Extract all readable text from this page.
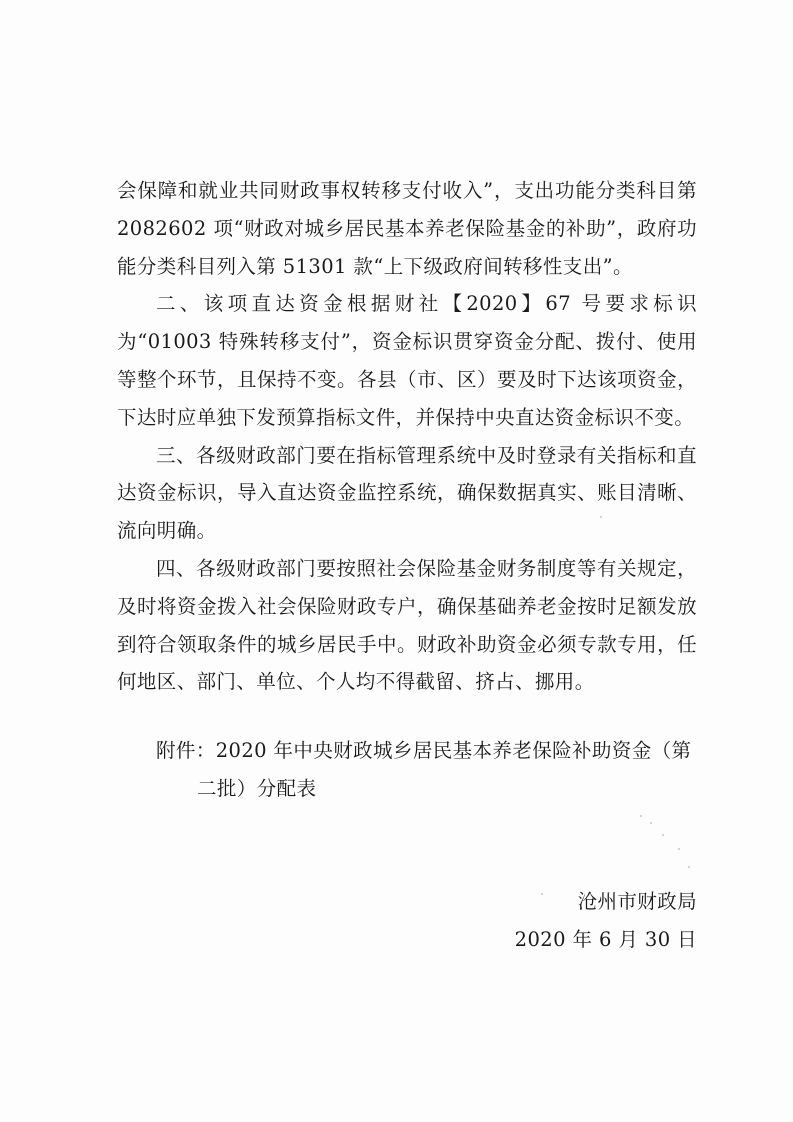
会保障和就业共同财政事权转移支付收入”，支出功能分类科目第 2082602 项“财政对城乡居民基本养老保险基金的补助”，政府功能分类科目列入第 51301 款“上下级政府间转移性支出”。

二、该项直达资金根据财社【2020】67 号要求标识为“01003 特殊转移支付”，资金标识贯穿资金分配、拨付、使用等整个环节，且保持不变。各县（市、区）要及时下达该项资金，下达时应单独下发预算指标文件，并保持中央直达资金标识不变。

三、各级财政部门要在指标管理系统中及时登录有关指标和直达资金标识，导入直达资金监控系统，确保数据真实、账目清晰、流向明确。

四、各级财政部门要按照社会保险基金财务制度等有关规定，及时将资金拨入社会保险财政专户，确保基础养老金按时足额发放到符合领取条件的城乡居民手中。财政补助资金必须专款专用，任何地区、部门、单位、个人均不得截留、挤占、挪用。

附件：2020 年中央财政城乡居民基本养老保险补助资金（第
二批）分配表
沧州市财政局
2020 年 6 月 30 日
